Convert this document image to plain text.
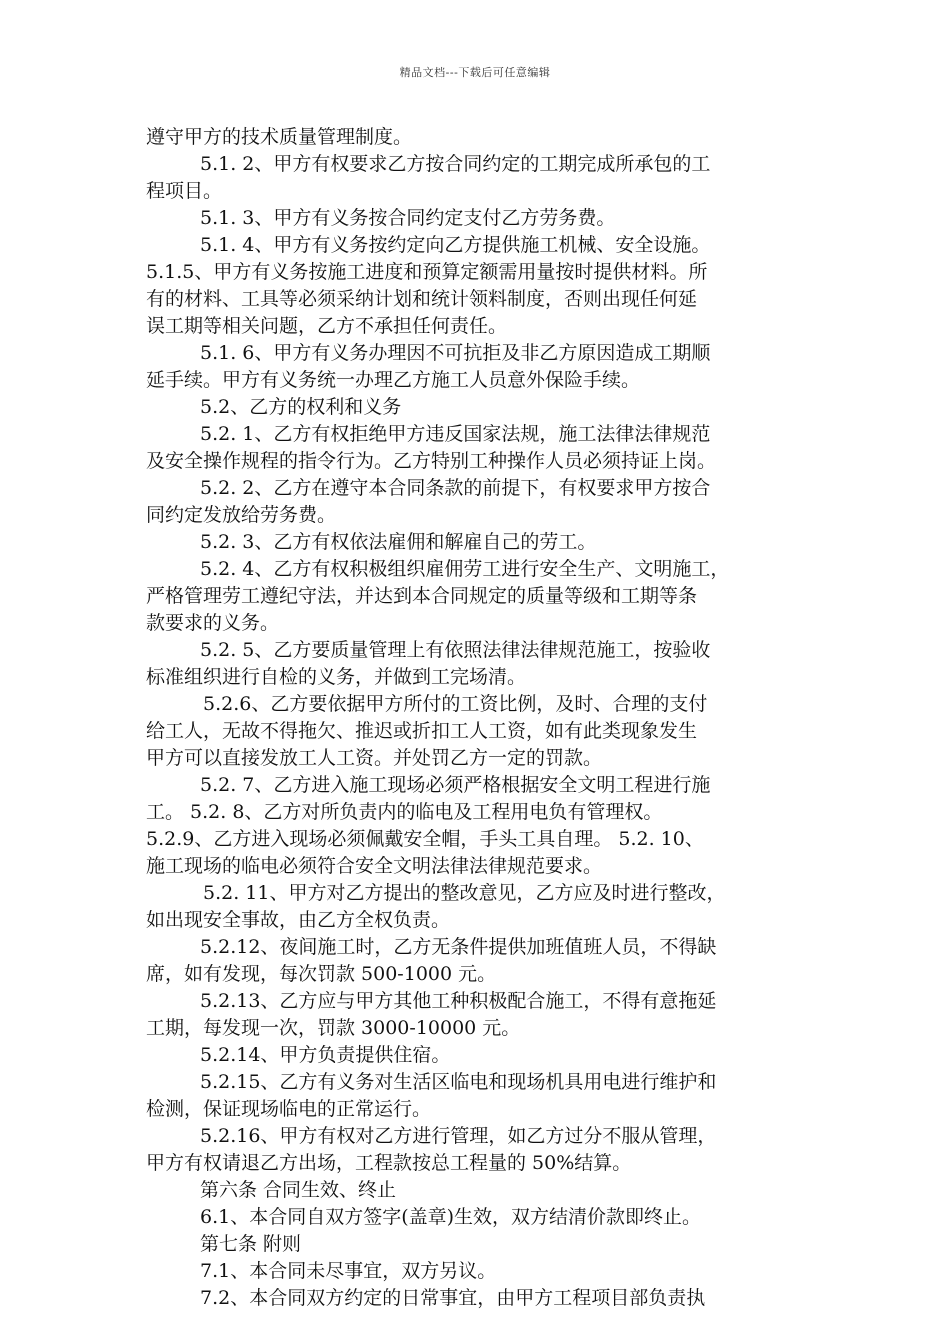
精品文档---下载后可任意编辑
遵守甲方的技术质量管理制度。
5.1. 2、甲方有权要求乙方按合同约定的工期完成所承包的工
程项目。
5.1. 3、甲方有义务按合同约定支付乙方劳务费。
5.1. 4、甲方有义务按约定向乙方提供施工机械、安全设施。
5.1.5、甲方有义务按施工进度和预算定额需用量按时提供材料。所
有的材料、工具等必须采纳计划和统计领料制度，否则出现任何延
误工期等相关问题，乙方不承担任何责任。
5.1. 6、甲方有义务办理因不可抗拒及非乙方原因造成工期顺
延手续。甲方有义务统一办理乙方施工人员意外保险手续。
5.2、乙方的权利和义务
5.2. 1、乙方有权拒绝甲方违反国家法规，施工法律法律规范
及安全操作规程的指令行为。乙方特别工种操作人员必须持证上岗。
5.2. 2、乙方在遵守本合同条款的前提下，有权要求甲方按合
同约定发放给劳务费。
5.2. 3、乙方有权依法雇佣和解雇自己的劳工。
5.2. 4、乙方有权积极组织雇佣劳工进行安全生产、文明施工，
严格管理劳工遵纪守法，并达到本合同规定的质量等级和工期等条
款要求的义务。
5.2. 5、乙方要质量管理上有依照法律法律规范施工，按验收
标准组织进行自检的义务，并做到工完场清。
5.2.6、乙方要依据甲方所付的工资比例，及时、合理的支付
给工人，无故不得拖欠、推迟或折扣工人工资，如有此类现象发生
甲方可以直接发放工人工资。并处罚乙方一定的罚款。
5.2. 7、乙方进入施工现场必须严格根据安全文明工程进行施
工。 5.2. 8、乙方对所负责内的临电及工程用电负有管理权。
5.2.9、乙方进入现场必须佩戴安全帽，手头工具自理。 5.2. 10、
施工现场的临电必须符合安全文明法律法律规范要求。
5.2. 11、甲方对乙方提出的整改意见，乙方应及时进行整改，
如出现安全事故，由乙方全权负责。
5.2.12、夜间施工时，乙方无条件提供加班值班人员，不得缺
席，如有发现，每次罚款 500-1000 元。
5.2.13、乙方应与甲方其他工种积极配合施工，不得有意拖延
工期，每发现一次，罚款 3000-10000 元。
5.2.14、甲方负责提供住宿。
5.2.15、乙方有义务对生活区临电和现场机具用电进行维护和
检测，保证现场临电的正常运行。
5.2.16、甲方有权对乙方进行管理，如乙方过分不服从管理，
甲方有权请退乙方出场，工程款按总工程量的 50%结算。
第六条 合同生效、终止
6.1、本合同自双方签字(盖章)生效，双方结清价款即终止。
第七条 附则
7.1、本合同未尽事宜，双方另议。
7.2、本合同双方约定的日常事宜，由甲方工程项目部负责执
